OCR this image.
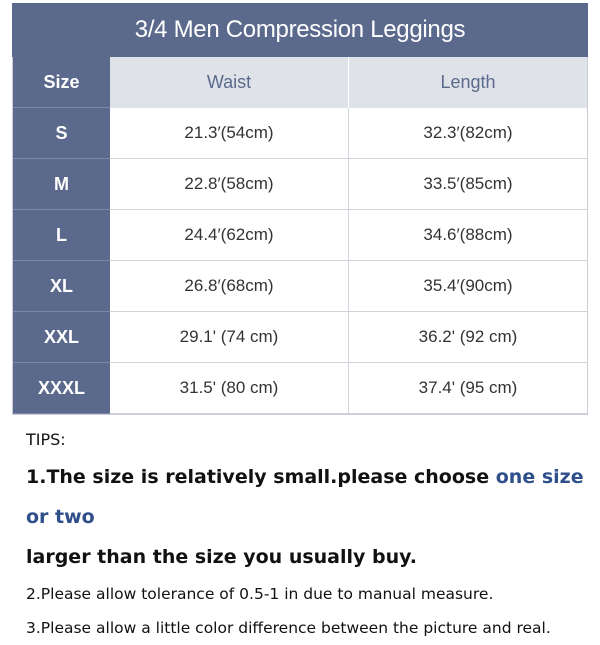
3/4 Men Compression Leggings
Size	Waist	Length
S	21.3′(54cm)	32.3′(82cm)
M	22.8′(58cm)	33.5′(85cm)
L	24.4′(62cm)	34.6′(88cm)
XL	26.8′(68cm)	35.4′(90cm)
XXL	29.1' (74 cm)	36.2' (92 cm)
XXXL	31.5' (80 cm)	37.4' (95 cm)

TIPS:

1.The size is relatively small.please choose one size or two

larger than the size you usually buy.

2.Please allow tolerance of 0.5-1 in due to manual measure.

3.Please allow a little color difference between the picture and real.
